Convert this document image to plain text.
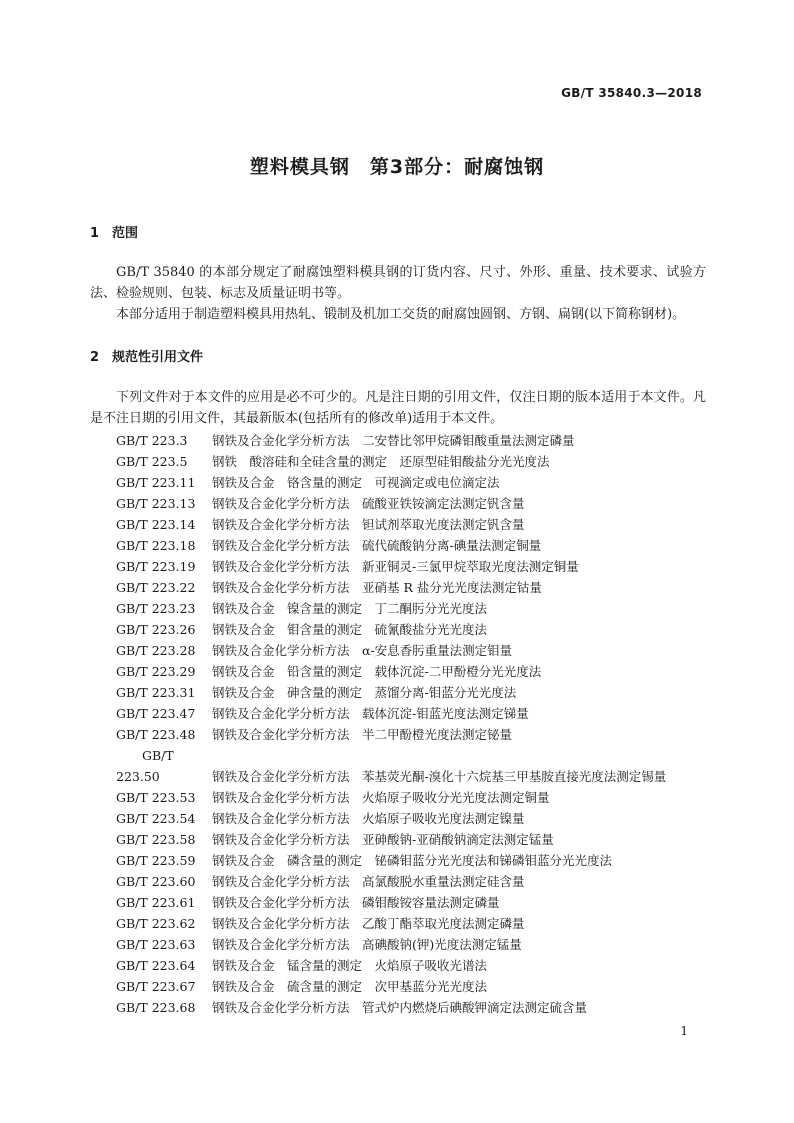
GB/T 35840.3—2018
塑料模具钢　第3部分：耐腐蚀钢
1 范围
GB/T 35840 的本部分规定了耐腐蚀塑料模具钢的订货内容、尺寸、外形、重量、技术要求、试验方法、检验规则、包装、标志及质量证明书等。
本部分适用于制造塑料模具用热轧、锻制及机加工交货的耐腐蚀圆钢、方钢、扁钢(以下简称钢材)。
2 规范性引用文件
下列文件对于本文件的应用是必不可少的。凡是注日期的引用文件，仅注日期的版本适用于本文件。凡是不注日期的引用文件，其最新版本(包括所有的修改单)适用于本文件。
GB/T 223.3 钢铁及合金化学分析方法　二安替比邻甲烷磷钼酸重量法测定磷量
GB/T 223.5 钢铁　酸溶硅和全硅含量的测定　还原型硅钼酸盐分光光度法
GB/T 223.11 钢铁及合金　铬含量的测定　可视滴定或电位滴定法
GB/T 223.13 钢铁及合金化学分析方法　硫酸亚铁铵滴定法测定钒含量
GB/T 223.14 钢铁及合金化学分析方法　钽试剂萃取光度法测定钒含量
GB/T 223.18 钢铁及合金化学分析方法　硫代硫酸钠分离-碘量法测定铜量
GB/T 223.19 钢铁及合金化学分析方法　新亚铜灵-三氯甲烷萃取光度法测定铜量
GB/T 223.22 钢铁及合金化学分析方法　亚硝基 R 盐分光光度法测定钴量
GB/T 223.23 钢铁及合金　镍含量的测定　丁二酮肟分光光度法
GB/T 223.26 钢铁及合金　钼含量的测定　硫氰酸盐分光光度法
GB/T 223.28 钢铁及合金化学分析方法　α-安息香肟重量法测定钼量
GB/T 223.29 钢铁及合金　铅含量的测定　载体沉淀-二甲酚橙分光光度法
GB/T 223.31 钢铁及合金　砷含量的测定　蒸馏分离-钼蓝分光光度法
GB/T 223.47 钢铁及合金化学分析方法　载体沉淀-钼蓝光度法测定锑量
GB/T 223.48 钢铁及合金化学分析方法　半二甲酚橙光度法测定铋量
GB/T 223.50	钢铁及合金化学分析方法　苯基荧光酮-溴化十六烷基三甲基胺直接光度法测定锡量
GB/T 223.53 钢铁及合金化学分析方法　火焰原子吸收分光光度法测定铜量
GB/T 223.54 钢铁及合金化学分析方法　火焰原子吸收光度法测定镍量
GB/T 223.58 钢铁及合金化学分析方法　亚砷酸钠-亚硝酸钠滴定法测定锰量
GB/T 223.59 钢铁及合金　磷含量的测定　铋磷钼蓝分光光度法和锑磷钼蓝分光光度法
GB/T 223.60 钢铁及合金化学分析方法　高氯酸脱水重量法测定硅含量
GB/T 223.61 钢铁及合金化学分析方法　磷钼酸铵容量法测定磷量
GB/T 223.62 钢铁及合金化学分析方法　乙酸丁酯萃取光度法测定磷量
GB/T 223.63 钢铁及合金化学分析方法　高碘酸钠(钾)光度法测定锰量
GB/T 223.64 钢铁及合金　锰含量的测定　火焰原子吸收光谱法
GB/T 223.67 钢铁及合金　硫含量的测定　次甲基蓝分光光度法
GB/T 223.68 钢铁及合金化学分析方法　管式炉内燃烧后碘酸钾滴定法测定硫含量
1
